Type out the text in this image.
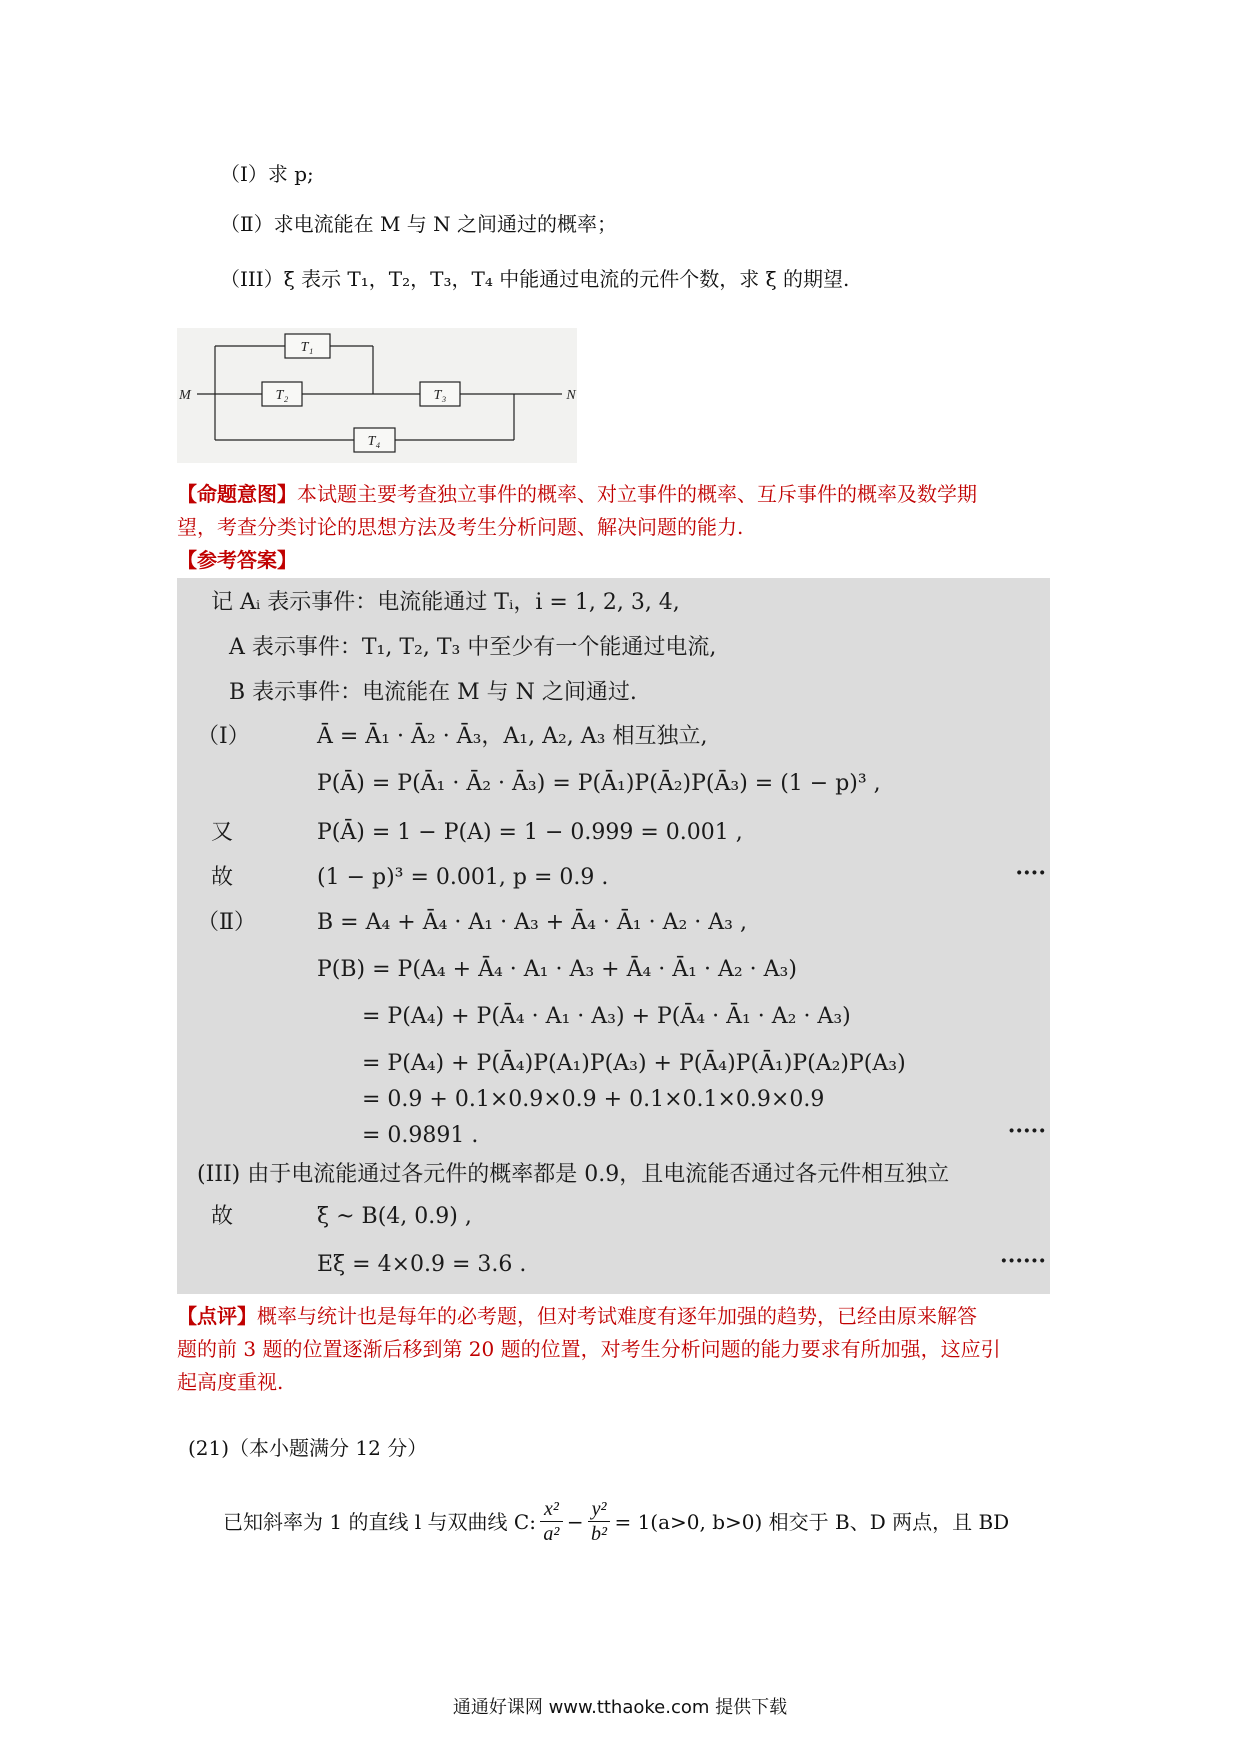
（Ⅰ）求 p;
（Ⅱ）求电流能在 M 与 N 之间通过的概率；
（III）ξ 表示 T₁，T₂，T₃，T₄ 中能通过电流的元件个数，求 ξ 的期望.
M	N
T₁
T₂	T₃
T₄
【命题意图】本试题主要考查独立事件的概率、对立事件的概率、互斥事件的概率及数学期
望，考查分类讨论的思想方法及考生分析问题、解决问题的能力.
【参考答案】
记 Aᵢ 表示事件：电流能通过 Tᵢ，i = 1, 2, 3, 4,
A 表示事件：T₁, T₂, T₃ 中至少有一个能通过电流,
B 表示事件：电流能在 M 与 N 之间通过.
（Ⅰ）	Ā = Ā₁ · Ā₂ · Ā₃，A₁, A₂, A₃ 相互独立,
P(Ā) = P(Ā₁ · Ā₂ · Ā₃) = P(Ā₁)P(Ā₂)P(Ā₃) = (1 − p)³ ,
又	P(Ā) = 1 − P(A) = 1 − 0.999 = 0.001 ,
故	(1 − p)³ = 0.001, p = 0.9 .	····
（Ⅱ）	B = A₄ + Ā₄ · A₁ · A₃ + Ā₄ · Ā₁ · A₂ · A₃ ,
P(B) = P(A₄ + Ā₄ · A₁ · A₃ + Ā₄ · Ā₁ · A₂ · A₃)
= P(A₄) + P(Ā₄ · A₁ · A₃) + P(Ā₄ · Ā₁ · A₂ · A₃)
= P(A₄) + P(Ā₄)P(A₁)P(A₃) + P(Ā₄)P(Ā₁)P(A₂)P(A₃)
= 0.9 + 0.1×0.9×0.9 + 0.1×0.1×0.9×0.9
= 0.9891 .	·····
(III) 由于电流能通过各元件的概率都是 0.9，且电流能否通过各元件相互独立
故	ξ ~ B(4, 0.9) ,
Eξ = 4×0.9 = 3.6 .	······
【点评】概率与统计也是每年的必考题，但对考试难度有逐年加强的趋势，已经由原来解答
题的前 3 题的位置逐渐后移到第 20 题的位置，对考生分析问题的能力要求有所加强，这应引
起高度重视.
(21)（本小题满分 12 分）
已知斜率为 1 的直线 l 与双曲线 C: $\frac{\text{x²}}{\text{a²}} - \frac{\text{y²}}{\text{b²}} = 1(a>0$, b>0) 相交于 B、D 两点，且 BD
通通好课网 www.tthaoke.com 提供下载
